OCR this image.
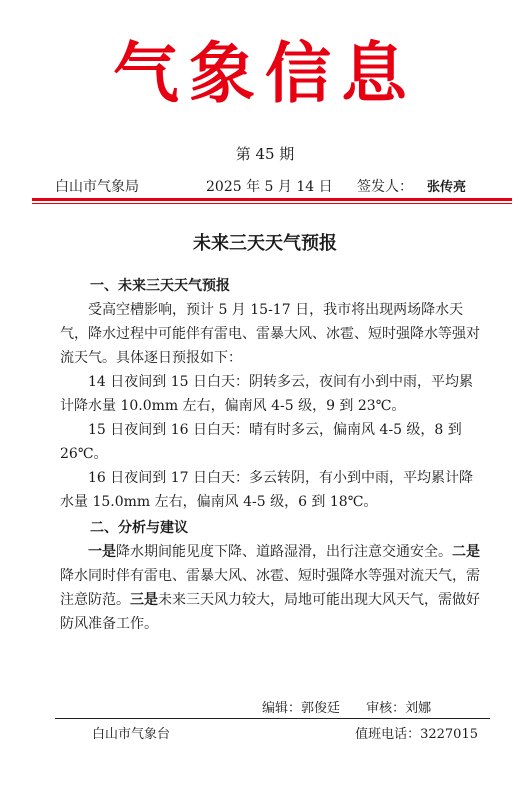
气象信息
第 45 期
白山市气象局	2025 年 5 月 14 日 签发人： 张传亮
未来三天天气预报
一、未来三天天气预报

受高空槽影响，预计 5 月 15-17 日，我市将出现两场降水天气，降水过程中可能伴有雷电、雷暴大风、冰雹、短时强降水等强对流天气。具体逐日预报如下：

14 日夜间到 15 日白天：阴转多云，夜间有小到中雨，平均累计降水量 10.0mm 左右，偏南风 4-5 级，9 到 23℃。

15 日夜间到 16 日白天：晴有时多云，偏南风 4-5 级，8 到 26℃。

16 日夜间到 17 日白天：多云转阴，有小到中雨，平均累计降水量 15.0mm 左右，偏南风 4-5 级，6 到 18℃。

二、分析与建议

一是降水期间能见度下降、道路湿滑，出行注意交通安全。二是降水同时伴有雷电、雷暴大风、冰雹、短时强降水等强对流天气，需注意防范。三是未来三天风力较大，局地可能出现大风天气，需做好防风准备工作。

编辑：郭俊廷 审核：刘娜
白山市气象台	值班电话：3227015
